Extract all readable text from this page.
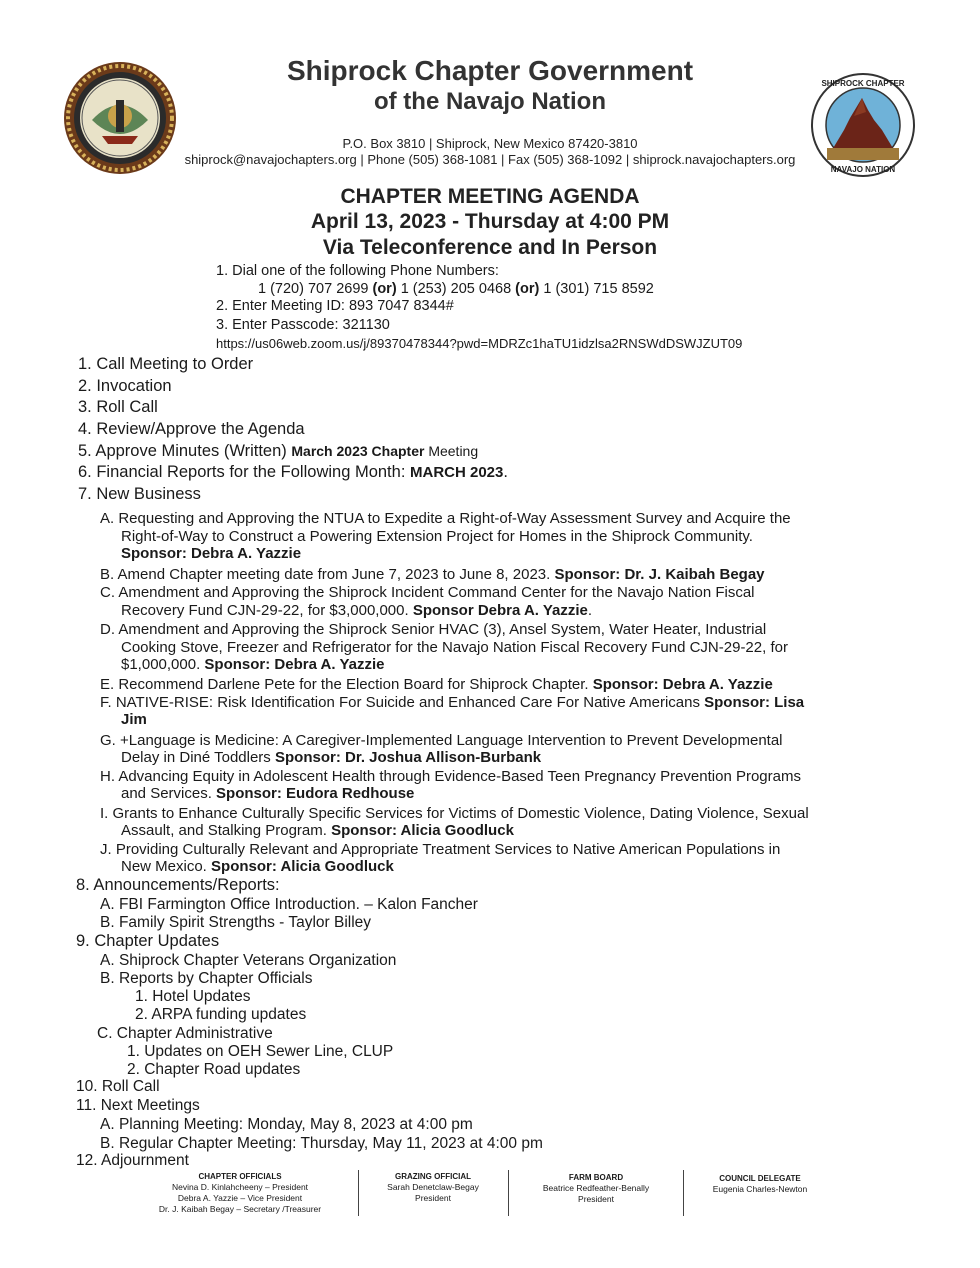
SHIPROCK CHAPTER
NAVAJO NATION
Shiprock Chapter Government
of the Navajo Nation
P.O. Box 3810 | Shiprock, New Mexico 87420-3810
shiprock@navajochapters.org | Phone (505) 368-1081 | Fax (505) 368-1092 | shiprock.navajochapters.org
CHAPTER MEETING AGENDA
April 13, 2023 - Thursday at 4:00 PM
Via Teleconference and In Person
1. Dial one of the following Phone Numbers:
1 (720) 707 2699 (or) 1 (253) 205 0468 (or) 1 (301) 715 8592
2. Enter Meeting ID: 893 7047 8344#
3. Enter Passcode: 321130
https://us06web.zoom.us/j/89370478344?pwd=MDRZc1haTU1idzlsa2RNSWdDSWJZUT09
1. Call Meeting to Order
2. Invocation
3. Roll Call
4. Review/Approve the Agenda
5. Approve Minutes (Written) March 2023 Chapter Meeting
6. Financial Reports for the Following Month: MARCH 2023.
7. New Business
A. Requesting and Approving the NTUA to Expedite a Right-of-Way Assessment Survey and Acquire the
Right-of-Way to Construct a Powering Extension Project for Homes in the Shiprock Community.
Sponsor: Debra A. Yazzie
B. Amend Chapter meeting date from June 7, 2023 to June 8, 2023. Sponsor: Dr. J. Kaibah Begay
C. Amendment and Approving the Shiprock Incident Command Center for the Navajo Nation Fiscal
Recovery Fund CJN-29-22, for $3,000,000. Sponsor Debra A. Yazzie.
D. Amendment and Approving the Shiprock Senior HVAC (3), Ansel System, Water Heater, Industrial
Cooking Stove, Freezer and Refrigerator for the Navajo Nation Fiscal Recovery Fund CJN-29-22, for
$1,000,000. Sponsor: Debra A. Yazzie
E. Recommend Darlene Pete for the Election Board for Shiprock Chapter. Sponsor: Debra A. Yazzie
F. NATIVE-RISE: Risk Identification For Suicide and Enhanced Care For Native Americans Sponsor: Lisa
Jim
G. +Language is Medicine: A Caregiver-Implemented Language Intervention to Prevent Developmental
Delay in Diné Toddlers Sponsor: Dr. Joshua Allison-Burbank
H. Advancing Equity in Adolescent Health through Evidence-Based Teen Pregnancy Prevention Programs
and Services. Sponsor: Eudora Redhouse
I. Grants to Enhance Culturally Specific Services for Victims of Domestic Violence, Dating Violence, Sexual
Assault, and Stalking Program. Sponsor: Alicia Goodluck
J. Providing Culturally Relevant and Appropriate Treatment Services to Native American Populations in
New Mexico. Sponsor: Alicia Goodluck
8. Announcements/Reports:
A. FBI Farmington Office Introduction. – Kalon Fancher
B. Family Spirit Strengths - Taylor Billey
9. Chapter Updates
A. Shiprock Chapter Veterans Organization
B. Reports by Chapter Officials
1. Hotel Updates
2. ARPA funding updates
C. Chapter Administrative
1. Updates on OEH Sewer Line, CLUP
2. Chapter Road updates
10. Roll Call
11. Next Meetings
A. Planning Meeting: Monday, May 8, 2023 at 4:00 pm
B. Regular Chapter Meeting: Thursday, May 11, 2023 at 4:00 pm
12. Adjournment
CHAPTER OFFICIALS
Nevina D. Kinlahcheeny – President
Debra A. Yazzie – Vice President
Dr. J. Kaibah Begay – Secretary /Treasurer
GRAZING OFFICIAL
Sarah Denetclaw-Begay
President
FARM BOARD
Beatrice Redfeather-Benally
President
COUNCIL DELEGATE
Eugenia Charles-Newton
